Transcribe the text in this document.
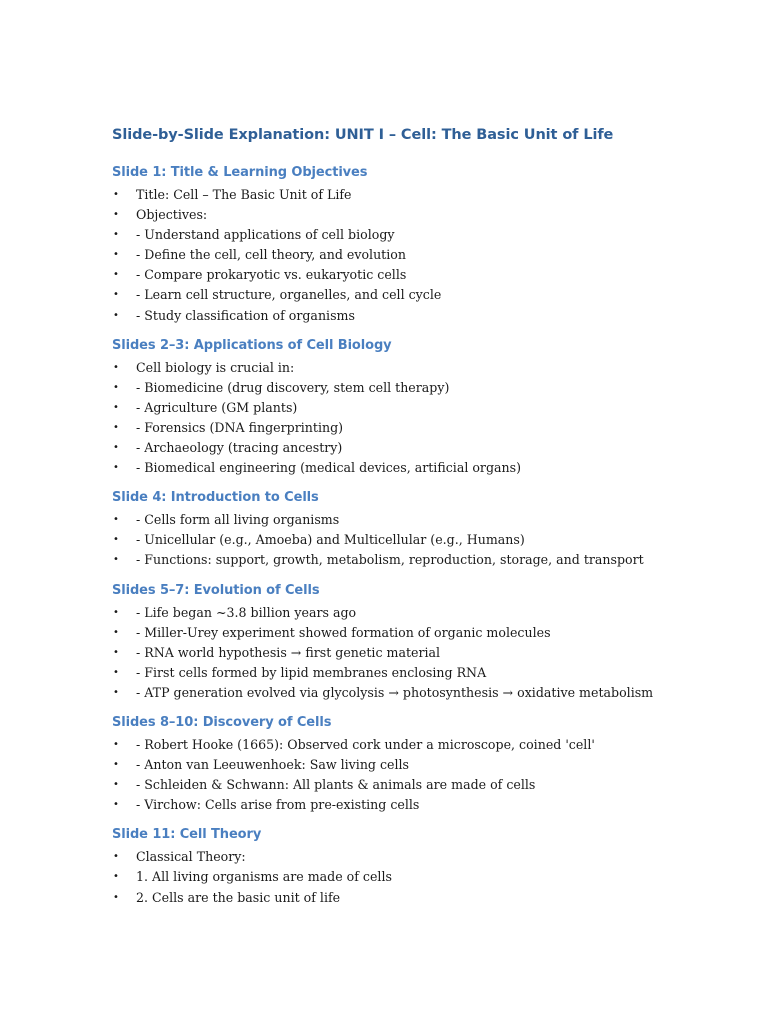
Slide-by-Slide Explanation: UNIT I – Cell: The Basic Unit of Life
Slide 1: Title & Learning Objectives
• Title: Cell – The Basic Unit of Life
• Objectives:
• - Understand applications of cell biology
• - Define the cell, cell theory, and evolution
• - Compare prokaryotic vs. eukaryotic cells
• - Learn cell structure, organelles, and cell cycle
• - Study classification of organisms
Slides 2–3: Applications of Cell Biology
• Cell biology is crucial in:
• - Biomedicine (drug discovery, stem cell therapy)
• - Agriculture (GM plants)
• - Forensics (DNA fingerprinting)
• - Archaeology (tracing ancestry)
• - Biomedical engineering (medical devices, artificial organs)
Slide 4: Introduction to Cells
• - Cells form all living organisms
• - Unicellular (e.g., Amoeba) and Multicellular (e.g., Humans)
• - Functions: support, growth, metabolism, reproduction, storage, and transport
Slides 5–7: Evolution of Cells
• - Life began ~3.8 billion years ago
• - Miller-Urey experiment showed formation of organic molecules
• - RNA world hypothesis → first genetic material
• - First cells formed by lipid membranes enclosing RNA
• - ATP generation evolved via glycolysis → photosynthesis → oxidative metabolism
Slides 8–10: Discovery of Cells
• - Robert Hooke (1665): Observed cork under a microscope, coined 'cell'
• - Anton van Leeuwenhoek: Saw living cells
• - Schleiden & Schwann: All plants & animals are made of cells
• - Virchow: Cells arise from pre-existing cells
Slide 11: Cell Theory
• Classical Theory:
• 1. All living organisms are made of cells
• 2. Cells are the basic unit of life
